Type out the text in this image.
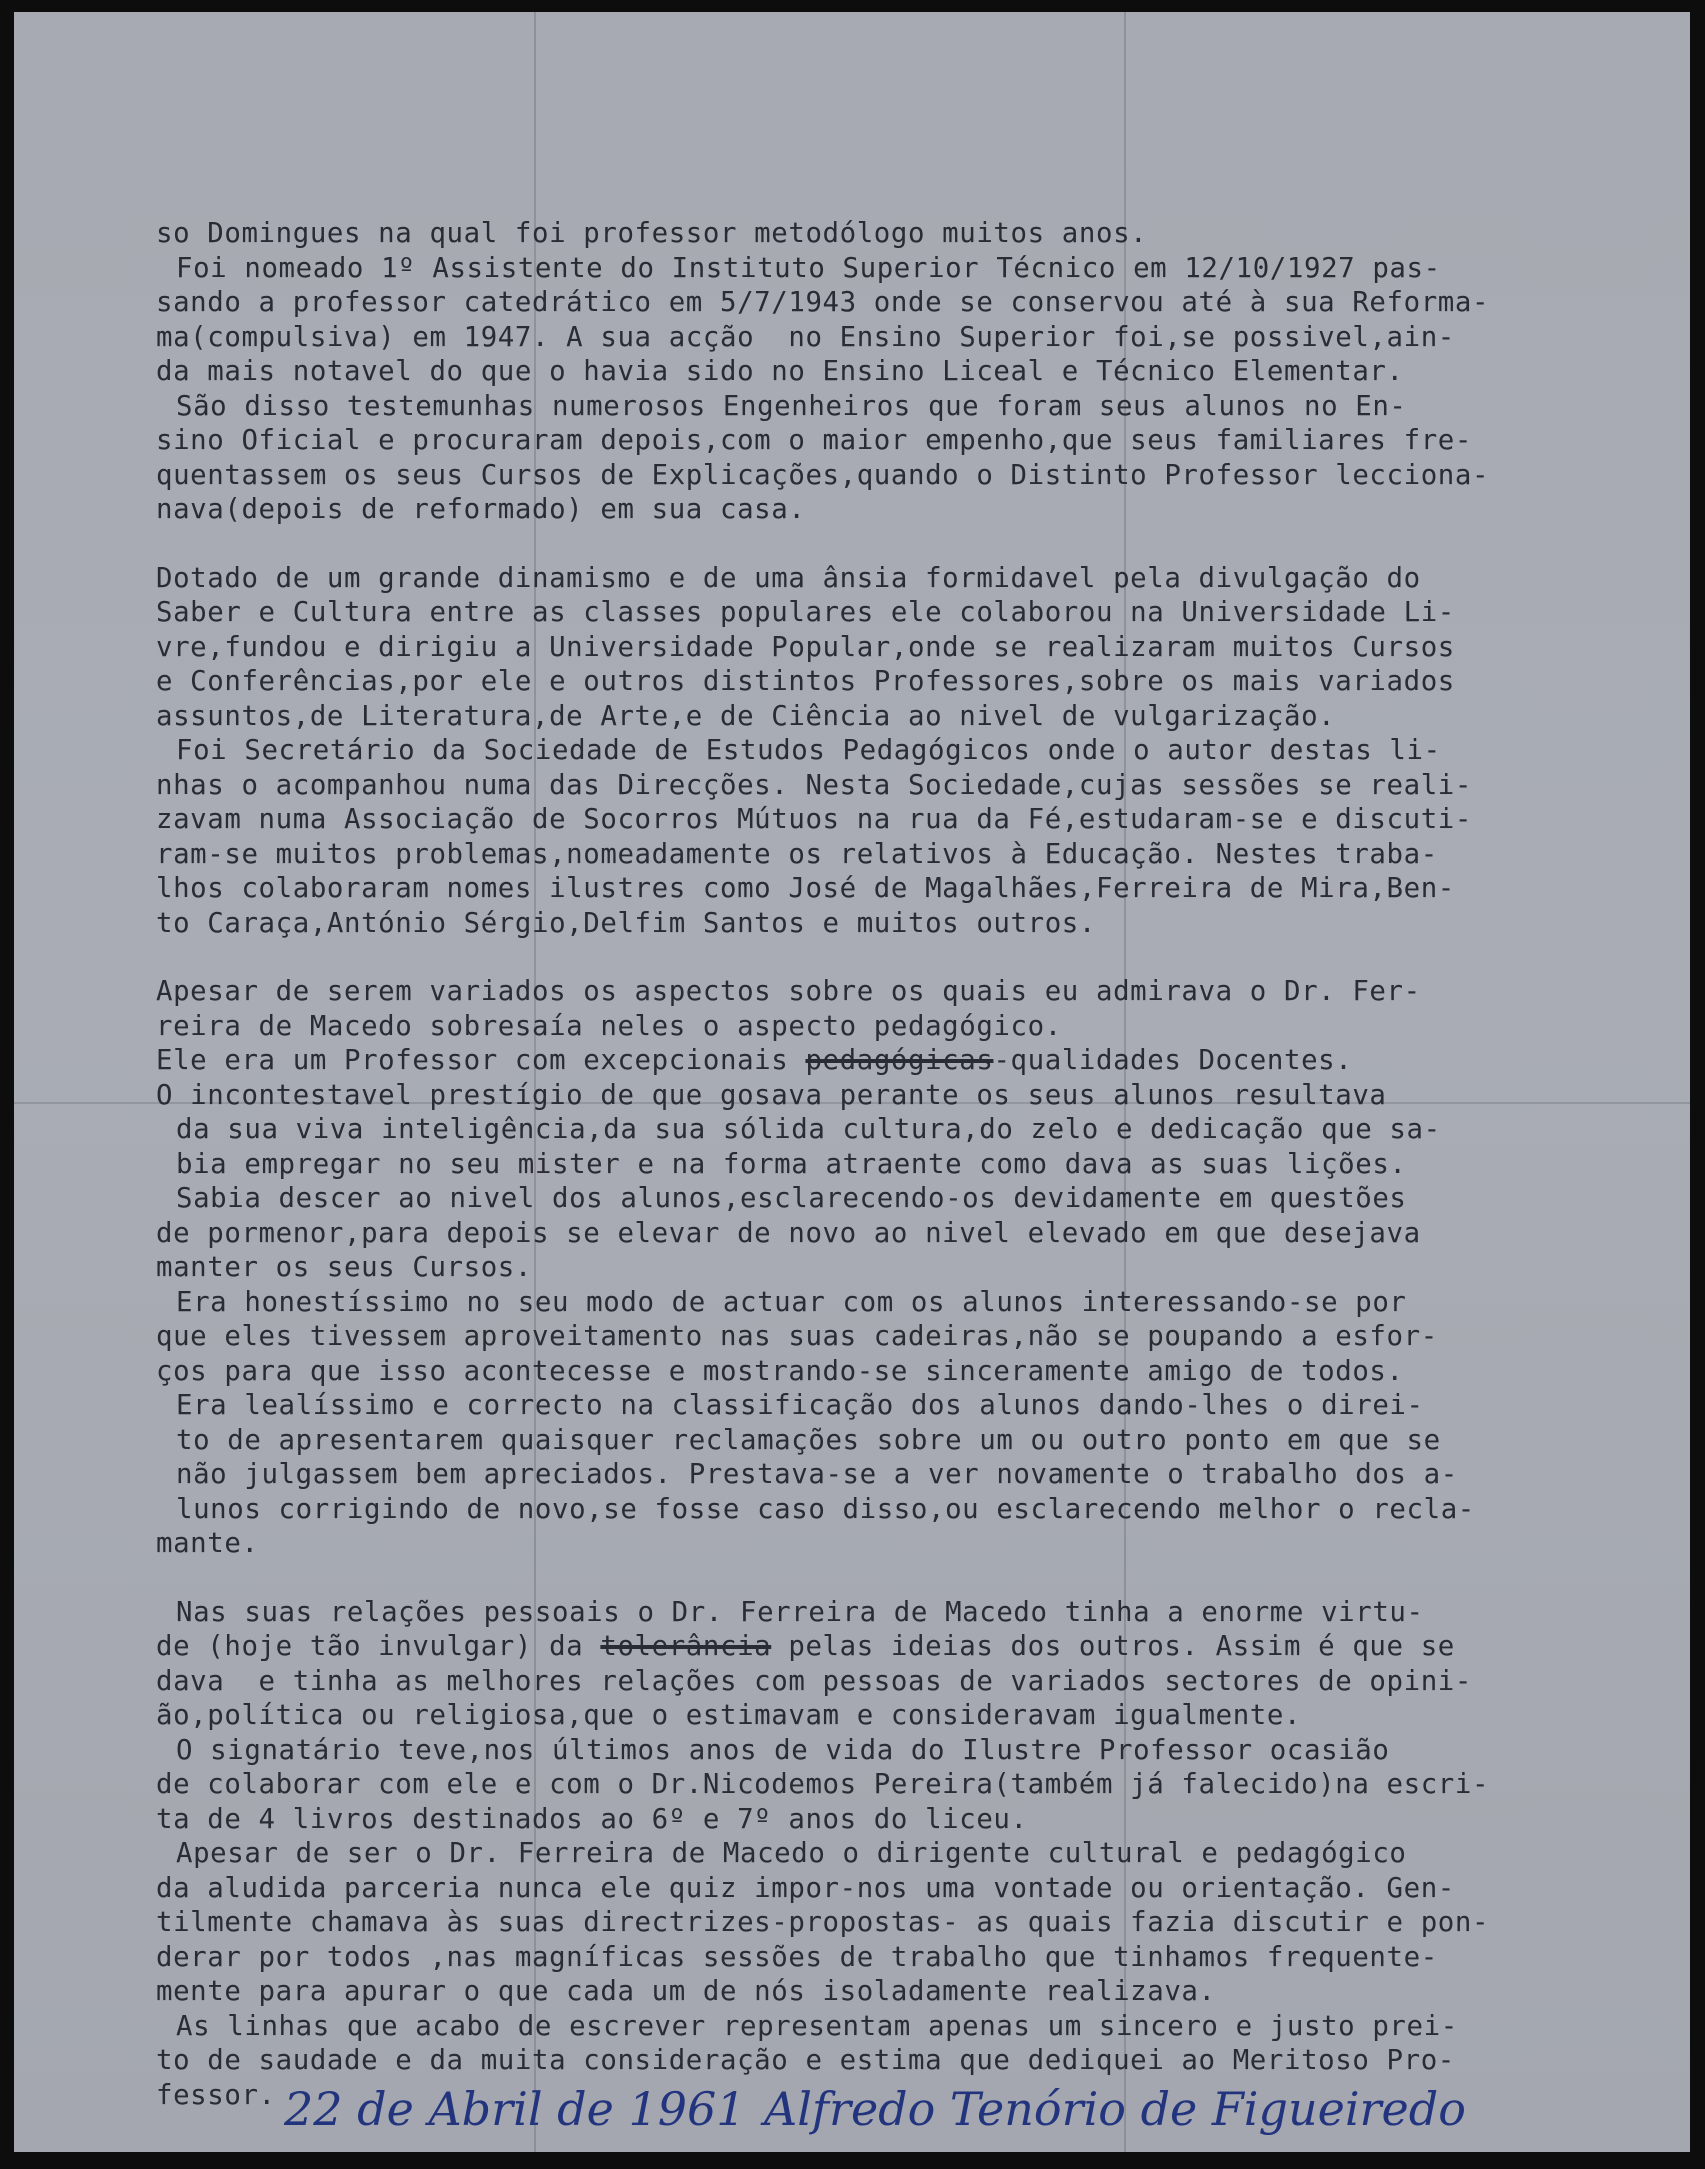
so Domingues na qual foi professor metodólogo muitos anos.
Foi nomeado 1º Assistente do Instituto Superior Técnico em 12/10/1927 pas-
sando a professor catedrático em 5/7/1943 onde se conservou até à sua Reforma-
ma(compulsiva) em 1947. A sua acção  no Ensino Superior foi,se possivel,ain-
da mais notavel do que o havia sido no Ensino Liceal e Técnico Elementar.
São disso testemunhas numerosos Engenheiros que foram seus alunos no En-
sino Oficial e procuraram depois,com o maior empenho,que seus familiares fre-
quentassem os seus Cursos de Explicações,quando o Distinto Professor lecciona-
nava(depois de reformado) em sua casa.
Dotado de um grande dinamismo e de uma ânsia formidavel pela divulgação do
Saber e Cultura entre as classes populares ele colaborou na Universidade Li-
vre,fundou e dirigiu a Universidade Popular,onde se realizaram muitos Cursos
e Conferências,por ele e outros distintos Professores,sobre os mais variados
assuntos,de Literatura,de Arte,e de Ciência ao nivel de vulgarização.
Foi Secretário da Sociedade de Estudos Pedagógicos onde o autor destas li-
nhas o acompanhou numa das Direcções. Nesta Sociedade,cujas sessões se reali-
zavam numa Associação de Socorros Mútuos na rua da Fé,estudaram-se e discuti-
ram-se muitos problemas,nomeadamente os relativos à Educação. Nestes traba-
lhos colaboraram nomes ilustres como José de Magalhães,Ferreira de Mira,Ben-
to Caraça,António Sérgio,Delfim Santos e muitos outros.
Apesar de serem variados os aspectos sobre os quais eu admirava o Dr. Fer-
reira de Macedo sobresaía neles o aspecto pedagógico.
Ele era um Professor com excepcionais pedagógicas-qualidades Docentes.
O incontestavel prestígio de que gosava perante os seus alunos resultava
da sua viva inteligência,da sua sólida cultura,do zelo e dedicação que sa-
bia empregar no seu mister e na forma atraente como dava as suas lições.
Sabia descer ao nivel dos alunos,esclarecendo-os devidamente em questões
de pormenor,para depois se elevar de novo ao nivel elevado em que desejava
manter os seus Cursos.
Era honestíssimo no seu modo de actuar com os alunos interessando-se por
que eles tivessem aproveitamento nas suas cadeiras,não se poupando a esfor-
ços para que isso acontecesse e mostrando-se sinceramente amigo de todos.
Era lealíssimo e correcto na classificação dos alunos dando-lhes o direi-
to de apresentarem quaisquer reclamações sobre um ou outro ponto em que se
não julgassem bem apreciados. Prestava-se a ver novamente o trabalho dos a-
lunos corrigindo de novo,se fosse caso disso,ou esclarecendo melhor o recla-
mante.
Nas suas relações pessoais o Dr. Ferreira de Macedo tinha a enorme virtu-
de (hoje tão invulgar) da tolerância pelas ideias dos outros. Assim é que se
dava  e tinha as melhores relações com pessoas de variados sectores de opini-
ão,política ou religiosa,que o estimavam e consideravam igualmente.
O signatário teve,nos últimos anos de vida do Ilustre Professor ocasião
de colaborar com ele e com o Dr.Nicodemos Pereira(também já falecido)na escri-
ta de 4 livros destinados ao 6º e 7º anos do liceu.
Apesar de ser o Dr. Ferreira de Macedo o dirigente cultural e pedagógico
da aludida parceria nunca ele quiz impor-nos uma vontade ou orientação. Gen-
tilmente chamava às suas directrizes-propostas- as quais fazia discutir e pon-
derar por todos ,nas magníficas sessões de trabalho que tinhamos frequente-
mente para apurar o que cada um de nós isoladamente realizava.
As linhas que acabo de escrever representam apenas um sincero e justo prei-
to de saudade e da muita consideração e estima que dediquei ao Meritoso Pro-
fessor.

22 de Abril de 1961

Alfredo Tenório de Figueiredo
